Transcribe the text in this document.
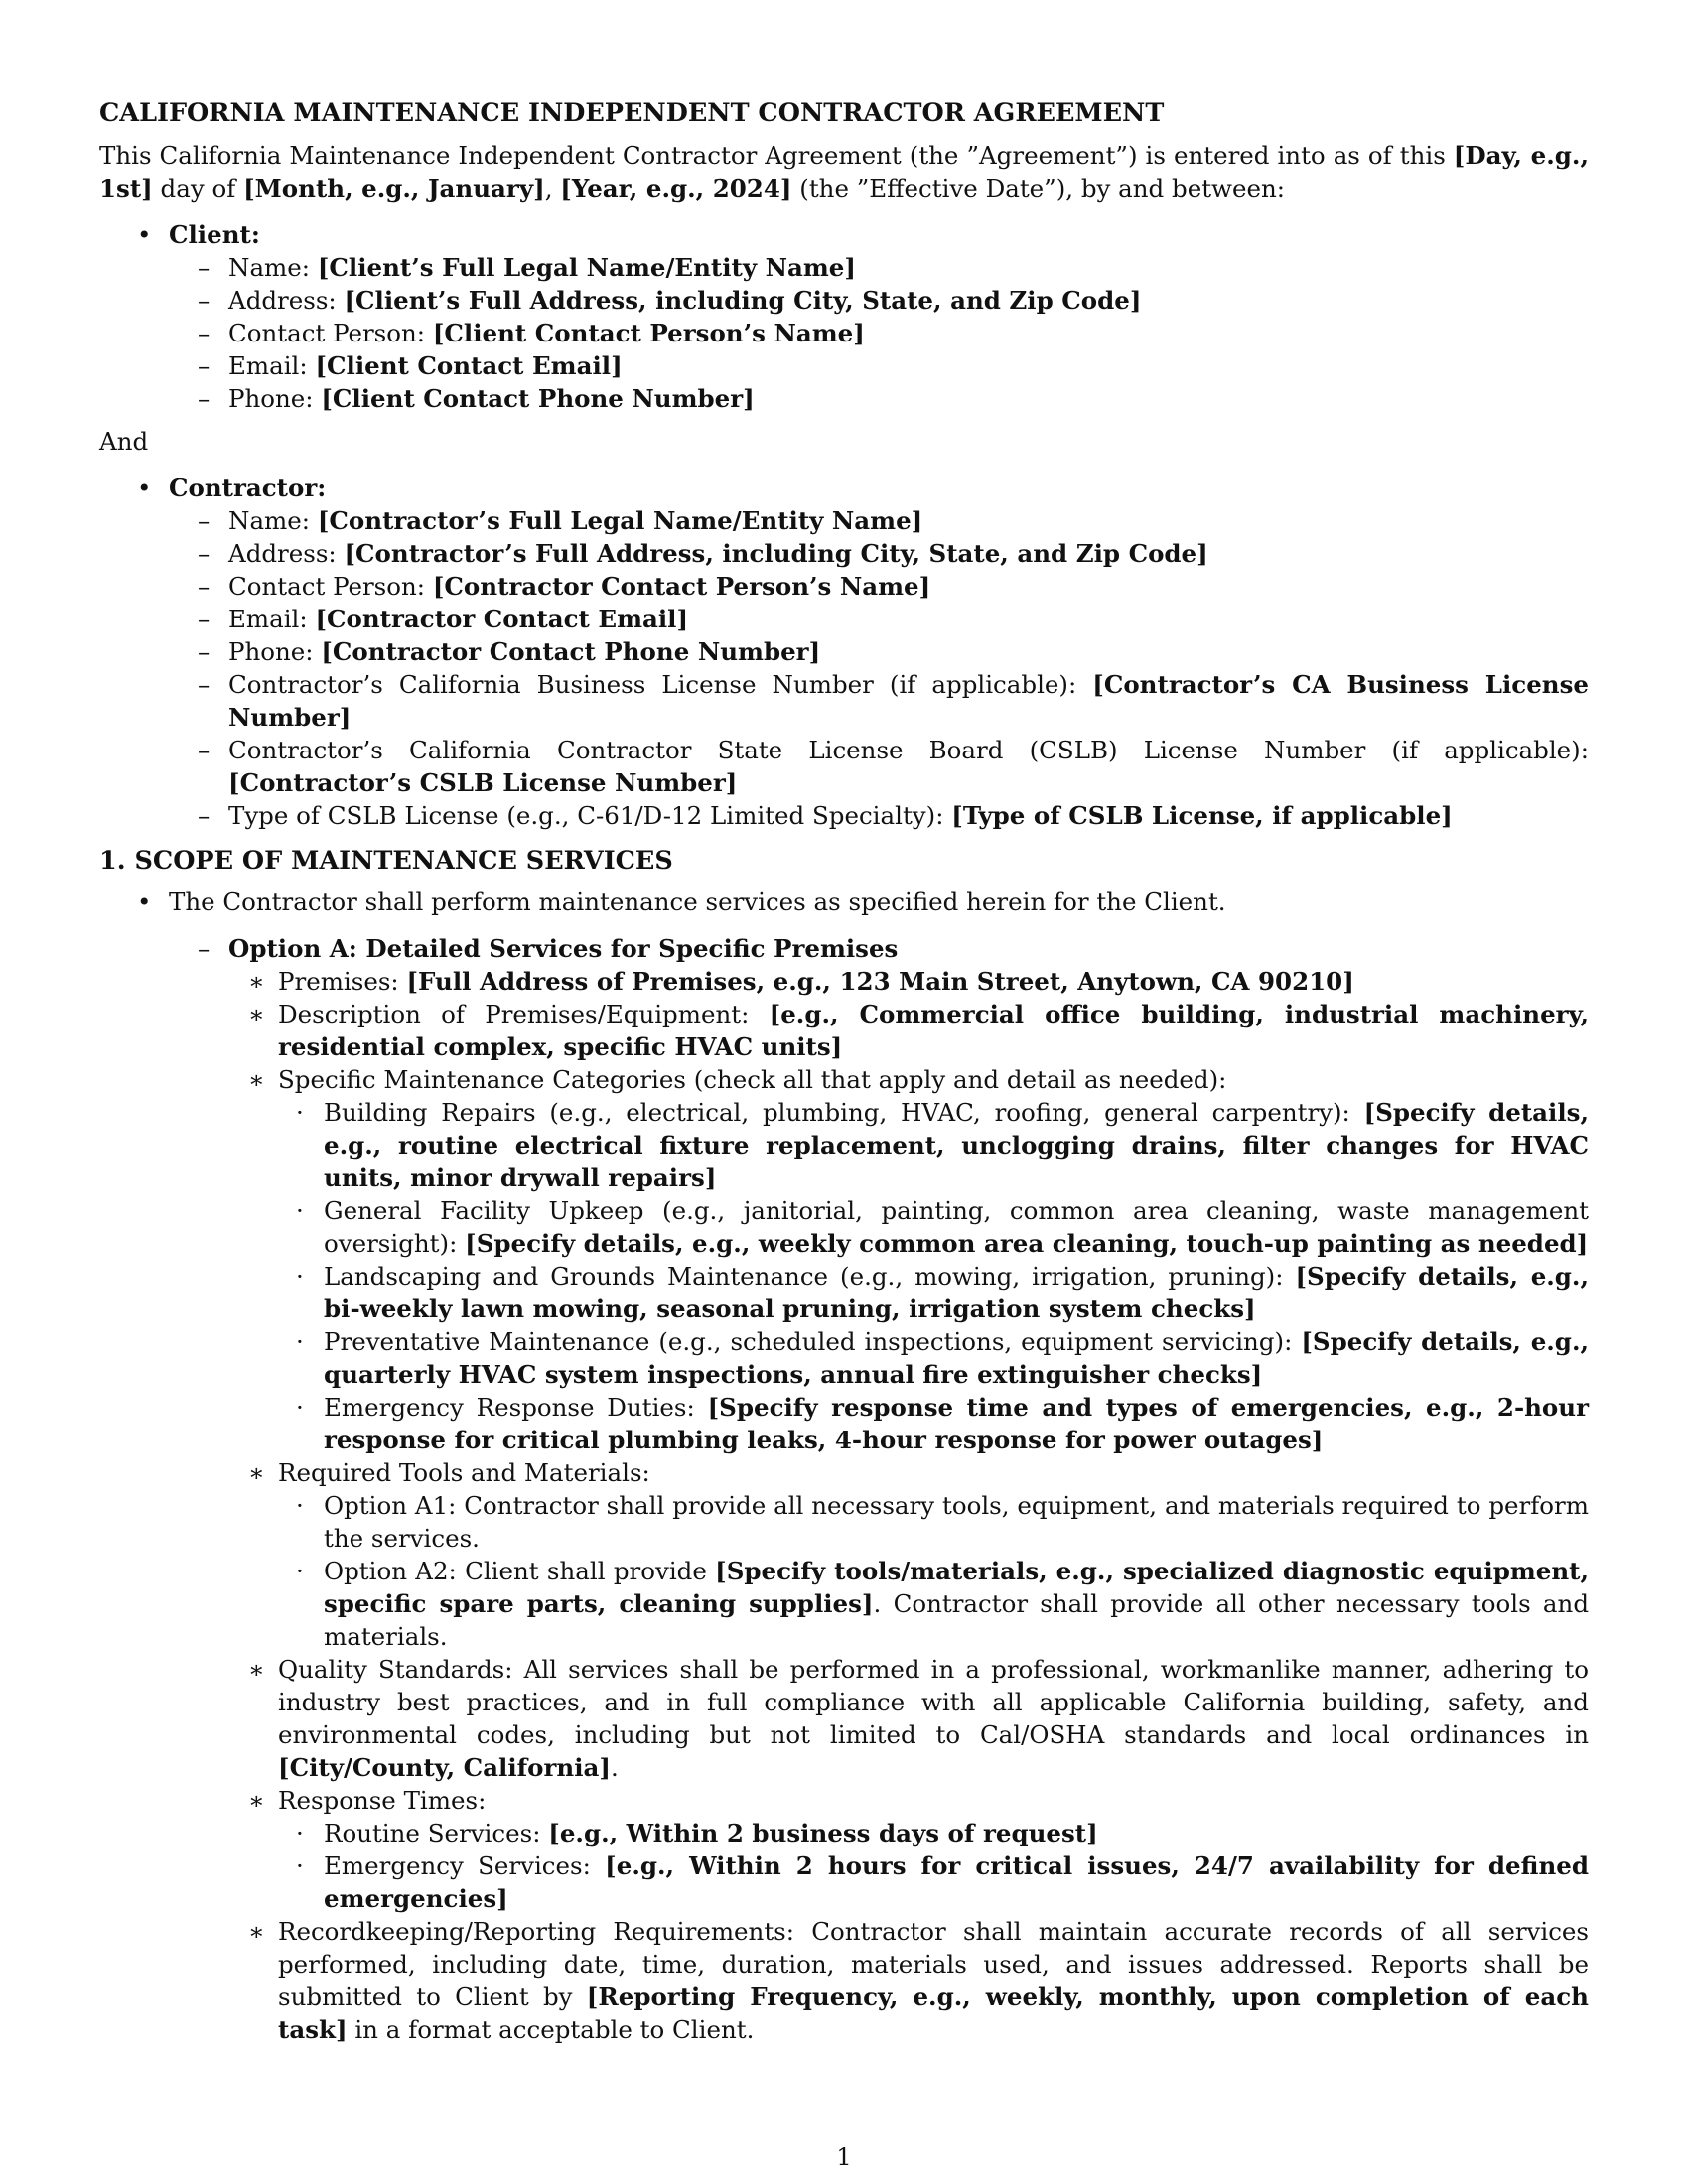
CALIFORNIA MAINTENANCE INDEPENDENT CONTRACTOR AGREEMENT

This California Maintenance Independent Contractor Agreement (the ”Agreement”) is entered into as of this [Day, e.g., 1st] day of [Month, e.g., January], [Year, e.g., 2024] (the ”Effective Date”), by and between:

• Client:
– Name: [Client’s Full Legal Name/Entity Name]
– Address: [Client’s Full Address, including City, State, and Zip Code]
– Contact Person: [Client Contact Person’s Name]
– Email: [Client Contact Email]
– Phone: [Client Contact Phone Number]

And

• Contractor:
– Name: [Contractor’s Full Legal Name/Entity Name]
– Address: [Contractor’s Full Address, including City, State, and Zip Code]
– Contact Person: [Contractor Contact Person’s Name]
– Email: [Contractor Contact Email]
– Phone: [Contractor Contact Phone Number]
– Contractor’s California Business License Number (if applicable): [Contractor’s CA Business License Number]
– Contractor’s California Contractor State License Board (CSLB) License Number (if applicable): [Contractor’s CSLB License Number]
– Type of CSLB License (e.g., C-61/D-12 Limited Specialty): [Type of CSLB License, if applicable]
1. SCOPE OF MAINTENANCE SERVICES
• The Contractor shall perform maintenance services as specified herein for the Client.
– Option A: Detailed Services for Specific Premises
∗ Premises: [Full Address of Premises, e.g., 123 Main Street, Anytown, CA 90210]
∗ Description of Premises/Equipment: [e.g., Commercial office building, industrial machinery, residential complex, specific HVAC units]
∗ Specific Maintenance Categories (check all that apply and detail as needed):
· Building Repairs (e.g., electrical, plumbing, HVAC, roofing, general carpentry): [Specify details, e.g., routine electrical fixture replacement, unclogging drains, filter changes for HVAC units, minor drywall repairs]
· General Facility Upkeep (e.g., janitorial, painting, common area cleaning, waste management oversight): [Specify details, e.g., weekly common area cleaning, touch-up painting as needed]
· Landscaping and Grounds Maintenance (e.g., mowing, irrigation, pruning): [Specify details, e.g., bi-weekly lawn mowing, seasonal pruning, irrigation system checks]
· Preventative Maintenance (e.g., scheduled inspections, equipment servicing): [Specify details, e.g., quarterly HVAC system inspections, annual fire extinguisher checks]
· Emergency Response Duties: [Specify response time and types of emergencies, e.g., 2-hour response for critical plumbing leaks, 4-hour response for power outages]
∗ Required Tools and Materials:
· Option A1: Contractor shall provide all necessary tools, equipment, and materials required to perform the services.
· Option A2: Client shall provide [Specify tools/materials, e.g., specialized diagnostic equipment, specific spare parts, cleaning supplies]. Contractor shall provide all other necessary tools and materials.
∗ Quality Standards: All services shall be performed in a professional, workmanlike manner, adhering to industry best practices, and in full compliance with all applicable California building, safety, and environmental codes, including but not limited to Cal/OSHA standards and local ordinances in [City/County, California].
∗ Response Times:
· Routine Services: [e.g., Within 2 business days of request]
· Emergency Services: [e.g., Within 2 hours for critical issues, 24/7 availability for defined emergencies]
∗ Recordkeeping/Reporting Requirements: Contractor shall maintain accurate records of all services performed, including date, time, duration, materials used, and issues addressed. Reports shall be submitted to Client by [Reporting Frequency, e.g., weekly, monthly, upon completion of each task] in a format acceptable to Client.
1
